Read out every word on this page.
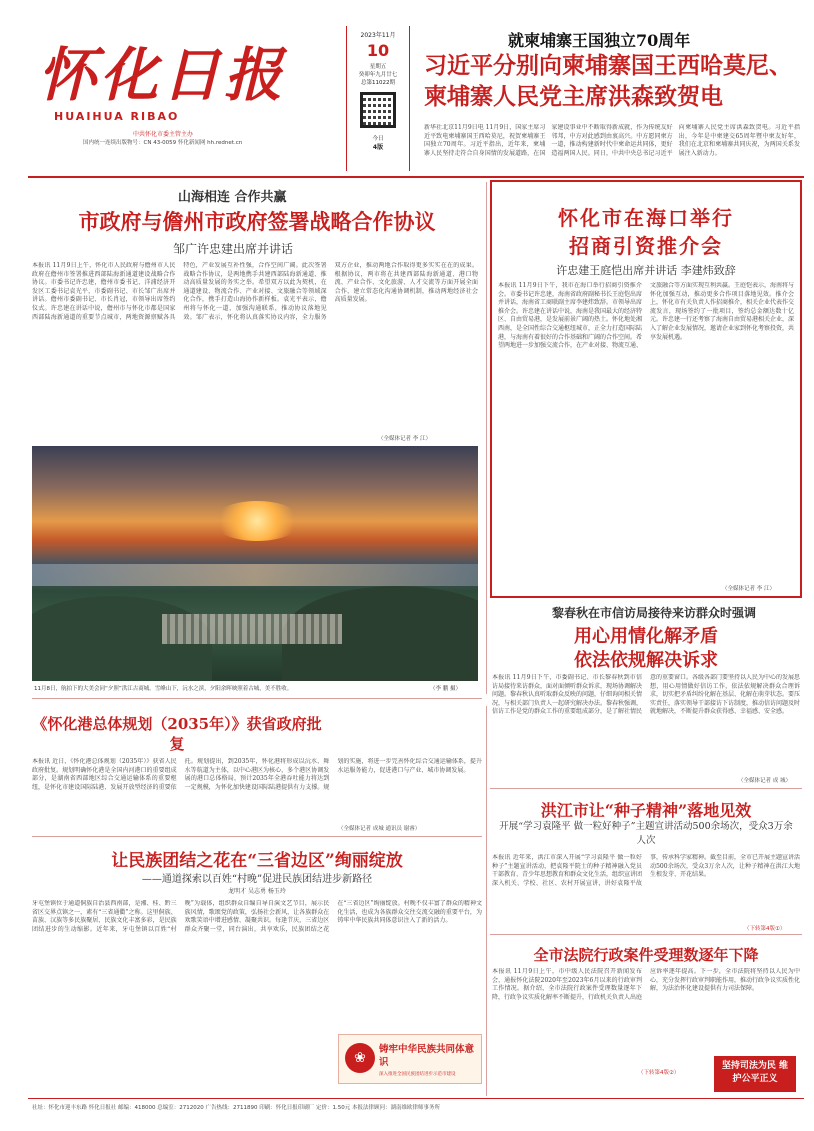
怀化日报
HUAIHUA RIBAO
中共怀化市委主管主办
国内统一连续出版物号：CN 43-0059 怀化新闻网 hh.rednet.cn
2023年11月
10
星期五
癸卯年九月廿七
总第11022期
今日
4版
就柬埔寨王国独立70周年
习近平分别向柬埔寨国王西哈莫尼、柬埔寨人民党主席洪森致贺电
新华社北京11月9日电 11月9日，国家主席习近平致电柬埔寨国王西哈莫尼，祝贺柬埔寨王国独立70周年。习近平指出，近年来，柬埔寨人民坚持走符合自身国情的发展道路，在国家建设事业中不断取得新成就，作为传统友好邻邦，中方对此感到由衷高兴。中方愿同柬方一道，推动构建新时代中柬命运共同体，更好造福两国人民。同日，中共中央总书记习近平向柬埔寨人民党主席洪森致贺电。习近平指出，今年是中柬建交65周年暨中柬友好年，我们在北京和柬埔寨共同庆祝，为两国关系发展注入新动力。
山海相连 合作共赢
市政府与儋州市政府签署战略合作协议
邹广许忠建出席并讲话
本报讯 11月9日上午，怀化市人民政府与儋州市人民政府在儋州市签署推进西部陆海新通道建设战略合作协议。市委书记许忠建，儋州市委书记、洋浦经济开发区工委书记袁光平，市委副书记、市长邹广出席并讲话。儋州市委副书记、市长肖冠，市领导出席签约仪式。许忠建在讲话中说，儋州市与怀化市都是国家西部陆海新通道的重要节点城市，两地资源禀赋各具特色，产业发展互补性强，合作空间广阔。此次签署战略合作协议，是两地携手共建西部陆海新通道、推动高质量发展的务实之举。希望双方以此为契机，在通道建设、物流合作、产业对接、文旅融合等领域深化合作，携手打造山海协作新样板。袁光平表示，儋州将与怀化一道，加强沟通联系，推动协议落地见效。邹广表示，怀化将认真落实协议内容，全力服务双方企业，推动两地合作取得更多实实在在的成果。根据协议，两市将在共建西部陆海新通道、港口物流、产业合作、文化旅游、人才交流等方面开展全面合作，建立常态化沟通协调机制，推动两地经济社会高质量发展。
（全媒体记者 李 江）
11月8日，航拍下的大美会同“夕照”洪江古商城。雪峰山下，沅水之滨，夕阳余晖映照着古城，美不胜收。	（李 鹏 摄）
怀化市在海口举行
招商引资推介会
许忠建王庭恺出席并讲话 李建炜致辞
本报讯 11月9日下午，我市在海口举行招商引资推介会。市委书记许忠建，海南省政府副秘书长王庭恺出席并讲话，海南省工商联副主席李建炜致辞。市领导出席推介会。许忠建在讲话中说，海南是我国最大的经济特区、自由贸易港，是发展前景广阔的热土。怀化地处湘西南，是全国性综合交通枢纽城市，正全力打造国际陆港，与海南有着很好的合作基础和广阔的合作空间。希望两地进一步加强交流合作，在产业对接、物流互通、文旅融合等方面实现互利共赢。王庭恺表示，海南将与怀化加强互动，推动更多合作项目落地见效。推介会上，怀化市有关负责人作招商推介，相关企业代表作交流发言，现场签约了一批项目，签约总金额达数十亿元。许忠建一行还考察了海南自由贸易港相关企业，深入了解企业发展情况，邀请企业家到怀化考察投资，共享发展机遇。
（全媒体记者 李 江）
黎春秋在市信访局接待来访群众时强调
用心用情化解矛盾
依法依规解决诉求
本报讯 11月9日下午，市委副书记、市长黎春秋到市信访局接待来访群众，面对面倾听群众诉求，现场协调解决问题。黎春秋认真听取群众反映的问题，仔细询问相关情况，与相关部门负责人一起研究解决办法。黎春秋强调，信访工作是党的群众工作的重要组成部分，是了解社情民意的重要窗口。各级各部门要坚持以人民为中心的发展思想，用心用情做好信访工作，依法依规解决群众合理诉求，切实把矛盾纠纷化解在基层、化解在萌芽状态。要压实责任，落实领导干部接访下访制度，推动信访问题及时就地解决，不断提升群众获得感、幸福感、安全感。
（全媒体记者 成 城）
《怀化港总体规划（2035年）》获省政府批复
本报讯 近日，《怀化港总体规划（2035年）》获省人民政府批复。规划明确怀化港是全国内河港口的重要组成部分，是湖南省西部地区综合交通运输体系的重要枢纽，是怀化市建设国际陆港、发展开放型经济的重要依托。规划提出，到2035年，怀化港将形成以沅水、舞水等航道为主体，以中心港区为核心，多个港区协调发展的港口总体格局，预计2035年全港吞吐能力将达到一定规模，为怀化加快建设国际陆港提供有力支撑。规划的实施，将进一步完善怀化综合交通运输体系，提升水运服务能力，促进港口与产业、城市协调发展。
（全媒体记者 成城 通讯员 谢睿）
洪江市让“种子精神”落地见效
开展“学习袁隆平 做一粒好种子”主题宣讲活动500余场次，受众3万余人次
本报讯 近年来，洪江市深入开展“学习袁隆平 做一粒好种子”主题宣讲活动，把袁隆平院士的种子精神融入党员干部教育、青少年思想教育和群众文化生活，组织宣讲团深入机关、学校、社区、农村开展宣讲，讲好袁隆平故事，传承科学家精神。截至目前，全市已开展主题宣讲活动500余场次，受众3万余人次，让种子精神在洪江大地生根发芽、开花结果。
（下转第4版①）
全市法院行政案件受理数逐年下降
本报讯 11月9日上午，市中级人民法院召开新闻发布会，通报怀化法院2020年至2023年6月以来的行政审判工作情况。据介绍，全市法院行政案件受理数量逐年下降，行政争议实质化解率不断提升，行政机关负责人出庭应诉率逐年提高。下一步，全市法院将坚持以人民为中心，充分发挥行政审判职能作用，推动行政争议实质性化解，为法治怀化建设提供有力司法保障。
（下转第4版②）
坚持司法为民 维护公平正义
让民族团结之花在“三省边区”绚丽绽放
——通道探索以百姓“村晚”促进民族团结进步新路径
龙明才 吴志勇 杨玉玲
牙屯堡镇位于通道侗族自治县西南部，是湘、桂、黔三省区交界点镇之一，素有“三省通衢”之称。这里侗族、苗族、汉族等多民族聚居，民族文化丰富多彩，是民族团结进步的生动缩影。近年来，牙屯堡镇以百姓“村晚”为载体，组织群众自编自导自演文艺节目，展示民族风情，歌颂党的政策，弘扬社会新风，让各族群众在欢歌笑语中增进感情、凝聚共识。每逢节庆，三省边区群众齐聚一堂，同台演出，共享欢乐，民族团结之花在“三省边区”绚丽绽放。村晚不仅丰富了群众的精神文化生活，也成为各族群众交往交流交融的重要平台，为铸牢中华民族共同体意识注入了新的活力。
❀
铸牢中华民族共同体意识
深入推进全国民族团结进步示范市建设
社址：怀化市迎丰东路 怀化日报社 邮编：418000 总编室：2712020 广告热线：2711890 印刷：怀化日报印刷厂 定价：1.50元 本报法律顾问：湖南维欧律师事务所
